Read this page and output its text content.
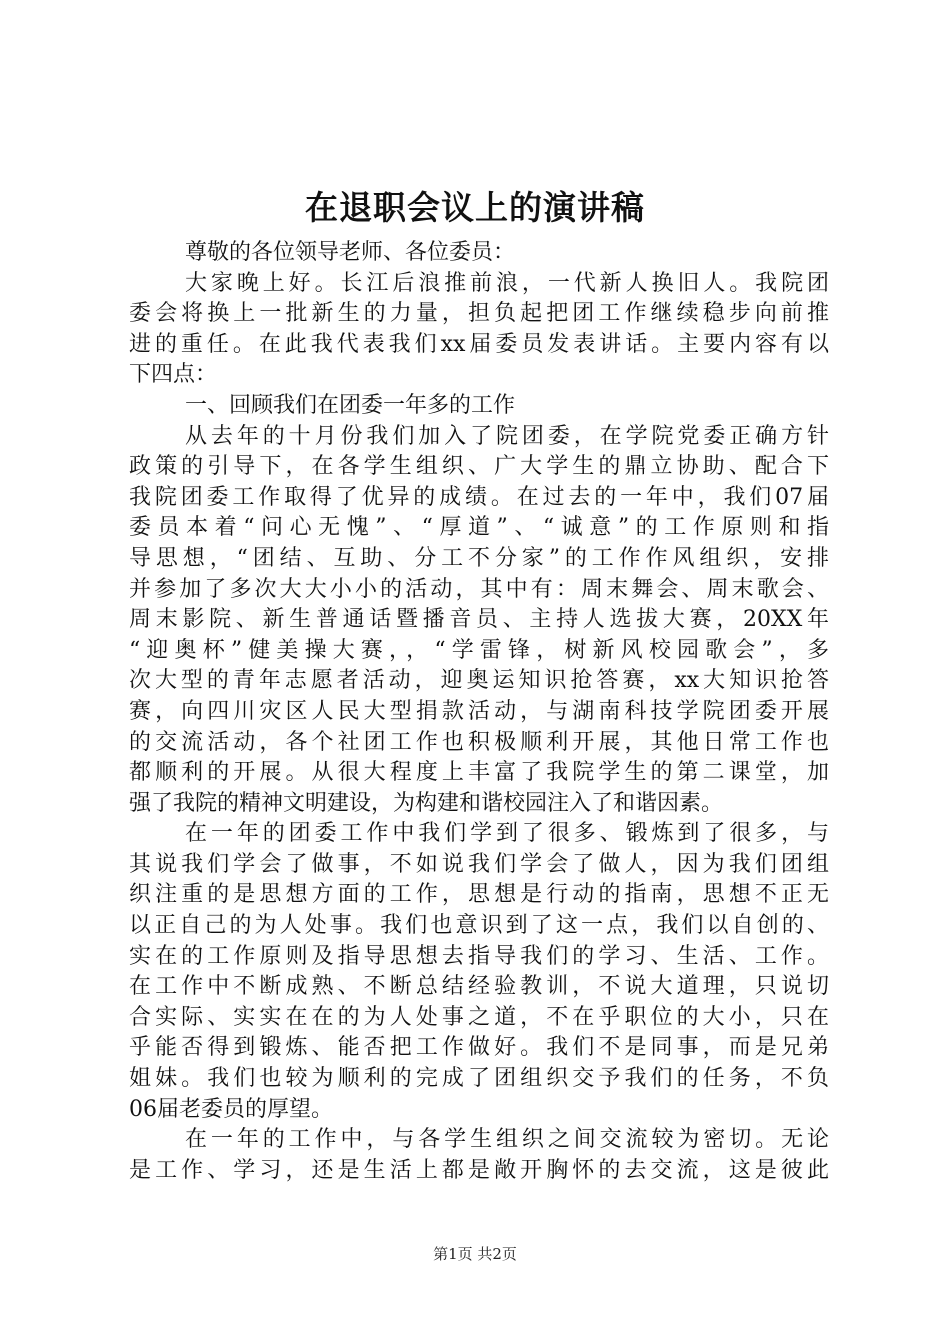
在退职会议上的演讲稿
尊敬的各位领导老师、各位委员：
大家晚上好。长江后浪推前浪，一代新人换旧人。我院团
委会将换上一批新生的力量，担负起把团工作继续稳步向前推
进的重任。在此我代表我们xx届委员发表讲话。主要内容有以
下四点：
一、回顾我们在团委一年多的工作
从去年的十月份我们加入了院团委，在学院党委正确方针
政策的引导下，在各学生组织、广大学生的鼎立协助、配合下
我院团委工作取得了优异的成绩。在过去的一年中，我们07届
委员本着“问心无愧”、“厚道”、“诚意”的工作原则和指
导思想，“团结、互助、分工不分家”的工作作风组织，安排
并参加了多次大大小小的活动，其中有：周末舞会、周末歌会、
周末影院、新生普通话暨播音员、主持人选拔大赛，20XX年
“迎奥杯”健美操大赛，，“学雷锋，树新风校园歌会”，多
次大型的青年志愿者活动，迎奥运知识抢答赛，xx大知识抢答
赛，向四川灾区人民大型捐款活动，与湖南科技学院团委开展
的交流活动，各个社团工作也积极顺利开展，其他日常工作也
都顺利的开展。从很大程度上丰富了我院学生的第二课堂，加
强了我院的精神文明建设，为构建和谐校园注入了和谐因素。
在一年的团委工作中我们学到了很多、锻炼到了很多，与
其说我们学会了做事，不如说我们学会了做人，因为我们团组
织注重的是思想方面的工作，思想是行动的指南，思想不正无
以正自己的为人处事。我们也意识到了这一点，我们以自创的、
实在的工作原则及指导思想去指导我们的学习、生活、工作。
在工作中不断成熟、不断总结经验教训，不说大道理，只说切
合实际、实实在在的为人处事之道，不在乎职位的大小，只在
乎能否得到锻炼、能否把工作做好。我们不是同事，而是兄弟
姐妹。我们也较为顺利的完成了团组织交予我们的任务，不负
06届老委员的厚望。
在一年的工作中，与各学生组织之间交流较为密切。无论
是工作、学习，还是生活上都是敞开胸怀的去交流，这是彼此
第1页 共2页
